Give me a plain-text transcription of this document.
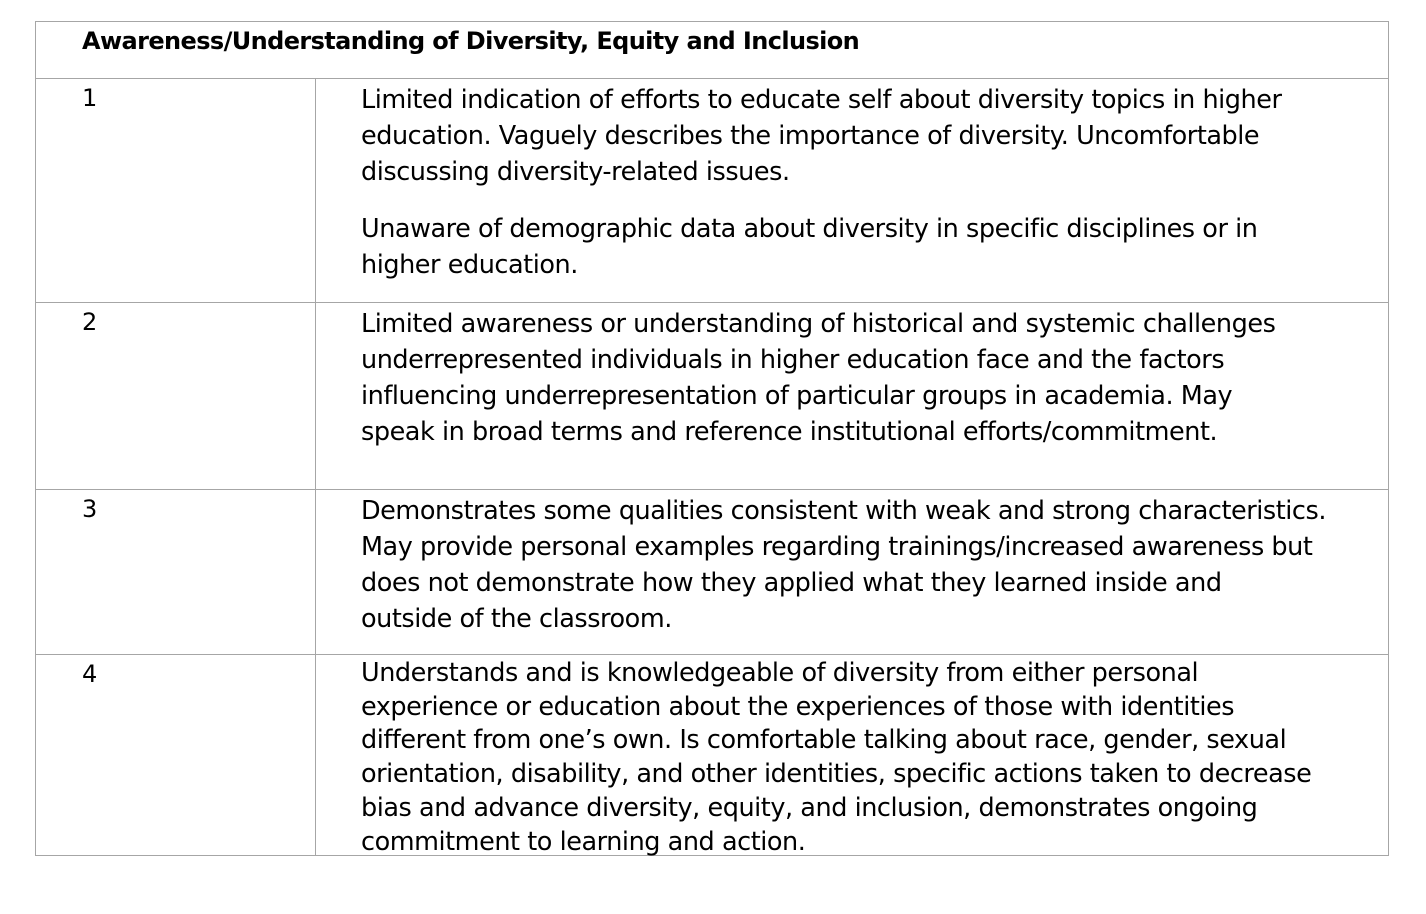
Awareness/Understanding of Diversity, Equity and Inclusion
1	Limited indication of efforts to educate self about diversity topics in higher

education. Vaguely describes the importance of diversity. Uncomfortable

discussing diversity-related issues.

Unaware of demographic data about diversity in specific disciplines or in

higher education.

2	Limited awareness or understanding of historical and systemic challenges

underrepresented individuals in higher education face and the factors

influencing underrepresentation of particular groups in academia. May

speak in broad terms and reference institutional efforts/commitment.

3	Demonstrates some qualities consistent with weak and strong characteristics.

May provide personal examples regarding trainings/increased awareness but

does not demonstrate how they applied what they learned inside and

outside of the classroom.

4	Understands and is knowledgeable of diversity from either personal

experience or education about the experiences of those with identities

different from one’s own. Is comfortable talking about race, gender, sexual

orientation, disability, and other identities, specific actions taken to decrease

bias and advance diversity, equity, and inclusion, demonstrates ongoing

commitment to learning and action.
